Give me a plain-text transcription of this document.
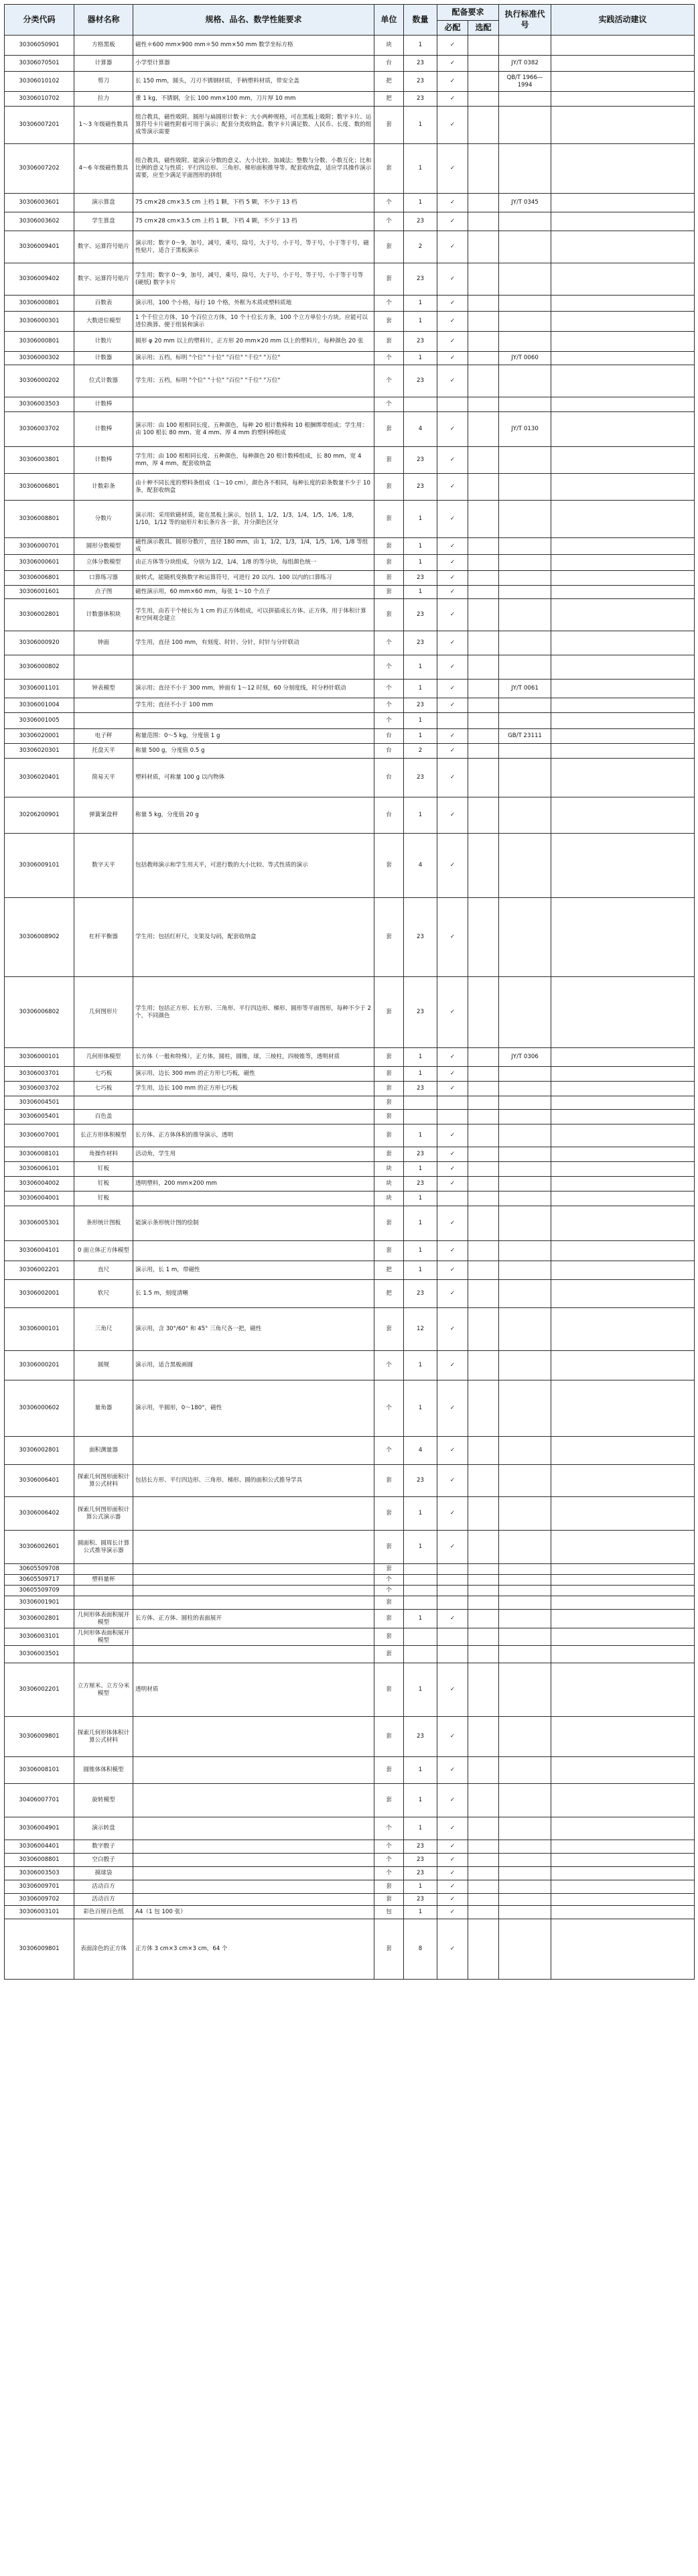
分类代码	器材名称	规格、品名、数学性能要求	单位	数量	配备要求		执行标准代号	实践活动建议
					必配	选配		
30306050901	方格黑板	磁性＊600 mm×900 mm＊50 mm×50 mm 数学坐标方格	块	1	✓			
30306070501	计算器	小学型计算器	台	23	✓		JY/T 0382	
30306010102	剪刀	长 150 mm，圆头，刀刃不锈钢材质，手柄塑料材质，带安全盖	把	23	✓		QB/T 1966—1994	
30306010702	拉力	重 1 kg，不锈钢，全长 100 mm×100 mm，刀片厚 10 mm	把	23	✓			
30306007201	1～3 年级磁性数具	组合教具，磁性吸附。圆形与扁圆形计数卡：大小两种规格，可在黑板上吸附；数字卡片、运算符号卡片磁性附着可用于演示；配套分类收纳盒。数字卡片满足数、人民币、长度、数的组成等演示需要	套	1	✓			
30306007202	4～6 年级磁性数具	组合教具，磁性吸附。能演示分数的意义、大小比较、加减法；整数与分数、小数互化；比和比例的意义与性质；平行四边形、三角形、梯形面积推导等。配套收纳盒，适应学具操作演示需要，应至少满足平面图形的拼组	套	1	✓			
30306003601	演示算盘	75 cm×28 cm×3.5 cm 上档 1 颗，下档 5 颗，不少于 13 档	个	1	✓		JY/T 0345	
30306003602	学生算盘	75 cm×28 cm×3.5 cm 上档 1 颗，下档 4 颗，不少于 13 档	个	23	✓			
30306009401	数字、运算符号贴片	演示用；数字 0～9，加号，减号，乘号，除号，大于号，小于号，等于号，小于等于号，磁性贴片，适合于黑板演示	套	2	✓			
30306009402	数字、运算符号贴片	学生用；数字 0～9，加号，减号，乘号，除号，大于号，小于号，等于号，小于等于号等 (硬纸) 数字卡片	套	23	✓			
30306000801	百数表	演示用，100 个小格，每行 10 个格，外框为木质或塑料质地	个	1	✓			
30306000301	大数进位模型	1 个千位立方体，10 个百位立方体，10 个十位长方条，100 个立方单位小方块。应能可以进位换算、便于组装和演示	套	1	✓			
30306000801	计数片	圆形 φ 20 mm 以上的塑料片，正方形 20 mm×20 mm 以上的塑料片，每种颜色 20 张	套	23	✓			
30306000302	计数器	演示用；五档，标明 "个位" "十位" "百位" "千位" "万位"	个	1	✓		JY/T 0060	
30306000202	位式计数器	学生用；五档，标明 "个位" "十位" "百位" "千位" "万位"	个	23	✓			
30306003503	计数棒		个					
30306003702	计数棒	演示用：由 100 根相同长度、五种颜色，每种 20 根计数棒和 10 根捆绑带组成；学生用：由 100 根长 80 mm、宽 4 mm、厚 4 mm 的塑料棒组成	套	4	✓		JY/T 0130	
30306003801	计数棒	学生用；由 100 根相同长度、五种颜色，每种颜色 20 根计数棒组成，长 80 mm，宽 4 mm，厚 4 mm，配套收纳盒	套	23	✓			
30306006801	计数彩条	由十种不同长度的塑料条组成（1～10 cm），颜色各不相同，每种长度的彩条数量不少于 10 条，配套收纳盒	套	23	✓			
30306008801	分数片	演示用；采用软磁材质，能在黑板上演示，包括 1，1/2，1/3，1/4，1/5，1/6，1/8，1/10，1/12 等的扇形片和长条片各一套，并分颜色区分	套	1	✓			
30306000701	圆形分数模型	磁性演示教具。圆形分数片，直径 180 mm，由 1，1/2，1/3，1/4，1/5，1/6，1/8 等组成	套	1	✓			
30306000601	立体分数模型	由正方体等分块组成，分别为 1/2，1/4，1/8 的等分块，每组颜色统一	套	1	✓			
30306006801	口算练习器	旋转式，能随机变换数字和运算符号，可进行 20 以内、100 以内的口算练习	套	23	✓			
30306001601	点子图	磁性演示用，60 mm×60 mm，每张 1～10 个点子	套	1	✓			
30306002801	计数器体积块	学生用，由若干个棱长为 1 cm 的正方体组成，可以拼插成长方体、正方体，用于体积计算和空间观念建立	套	23	✓			
30306000920	钟面	学生用，直径 100 mm，有刻度、时针、分针，时针与分针联动	个	23	✓			
30306000802			个	1	✓			
30306001101	钟表模型	演示用；直径不小于 300 mm，钟面有 1～12 时刻，60 分刻度线，时分秒针联动	个	1	✓		JY/T 0061	
30306001004		学生用；直径不小于 100 mm	个	23	✓			
30306001005			个	1				
30306020001	电子秤	称量范围：0～5 kg，分度值 1 g	台	1	✓		GB/T 23111	
30306020301	托盘天平	称量 500 g，分度值 0.5 g	台	2	✓			
30306020401	简易天平	塑料材质，可称量 100 g 以内物体	台	23	✓			
30206200901	弹簧案盘秤	称量 5 kg，分度值 20 g	台	1	✓			
30306009101	数字天平	包括教师演示和学生用天平，可进行数的大小比较、等式性质的演示	套	4	✓			
30306008902	杠杆平衡器	学生用；包括红杆尺，支架及勾码，配套收纳盒	套	23	✓			
30306006802	几何图形片	学生用；包括正方形、长方形、三角形、平行四边形、梯形、圆形等平面图形，每种不少于 2 个，不同颜色	套	23	✓			
30306000101	几何形体模型	长方体（一般和特殊），正方体，圆柱，圆锥，球，三棱柱，四棱锥等，透明材质	套	1	✓		JY/T 0306	
30306003701	七巧板	演示用，边长 300 mm 的正方形七巧板，磁性	套	1	✓			
30306003702	七巧板	学生用，边长 100 mm 的正方形七巧板	套	23	✓			
30306004501			套					
30306005401	百色盖		套					
30306007001	长正方形体积模型	长方体、正方体体积的推导演示，透明	套	1	✓			
30306008101	角操作材料	活动角，学生用	套	23	✓			
30306006101	钉板		块	1	✓			
30306004002	钉板	透明塑料，200 mm×200 mm	块	23	✓			
30306004001	钉板		块	1				
30306005301	条形统计图板	能演示条形统计图的绘制	套	1	✓			
30306004101	0 面立体正方体模型		套	1	✓			
30306002201	直尺	演示用，长 1 m，带磁性	把	1	✓			
30306002001	软尺	长 1.5 m，刻度清晰	把	23	✓			
30306000101	三角尺	演示用，含 30°/60° 和 45° 三角尺各一把，磁性	套	12	✓			
30306000201	圆规	演示用，适合黑板画圆	个	1	✓			
30306000602	量角器	演示用，半圆形，0～180°，磁性	个	1	✓			
30306002801	面积测量器		个	4	✓			
30306006401	探索几何图形面积计算公式材料	包括长方形、平行四边形、三角形、梯形、圆的面积公式推导学具	套	23	✓			
30306006402	探索几何图形面积计算公式演示器		套	1	✓			
30306002601	圆面积、圆周长计算公式推导演示器		套	1	✓			
30605509708			套					
30605509717	塑料量杯		个					
30605509709			个					
30306001901			套					
30306002801	几何形体表面积展开模型	长方体、正方体、圆柱的表面展开	套	1	✓			
30306003101	几何形体表面积展开模型		套					
30306003501			套					
30306002201	立方厘米、立方分米模型	透明材质	套	1	✓			
30306009801	探索几何形体体积计算公式材料		套	23	✓			
30306008101	圆锥体体积模型		套	1	✓			
30406007701	旋转模型		套	1	✓			
30306004901	演示转盘		个	1	✓			
30306004401	数字骰子		个	23	✓			
30306008801	空白骰子		个	23	✓			
30306003503	摸球袋		个	23	✓			
30306009701	活动百方		套	1	✓			
30306009702	活动百方		套	23	✓			
30306003101	彩色百厘百色纸	A4（1 包 100 张）	包	1	✓			
30306009801	表面涂色的正方体	正方体 3 cm×3 cm×3 cm，64 个	套	8	✓			
